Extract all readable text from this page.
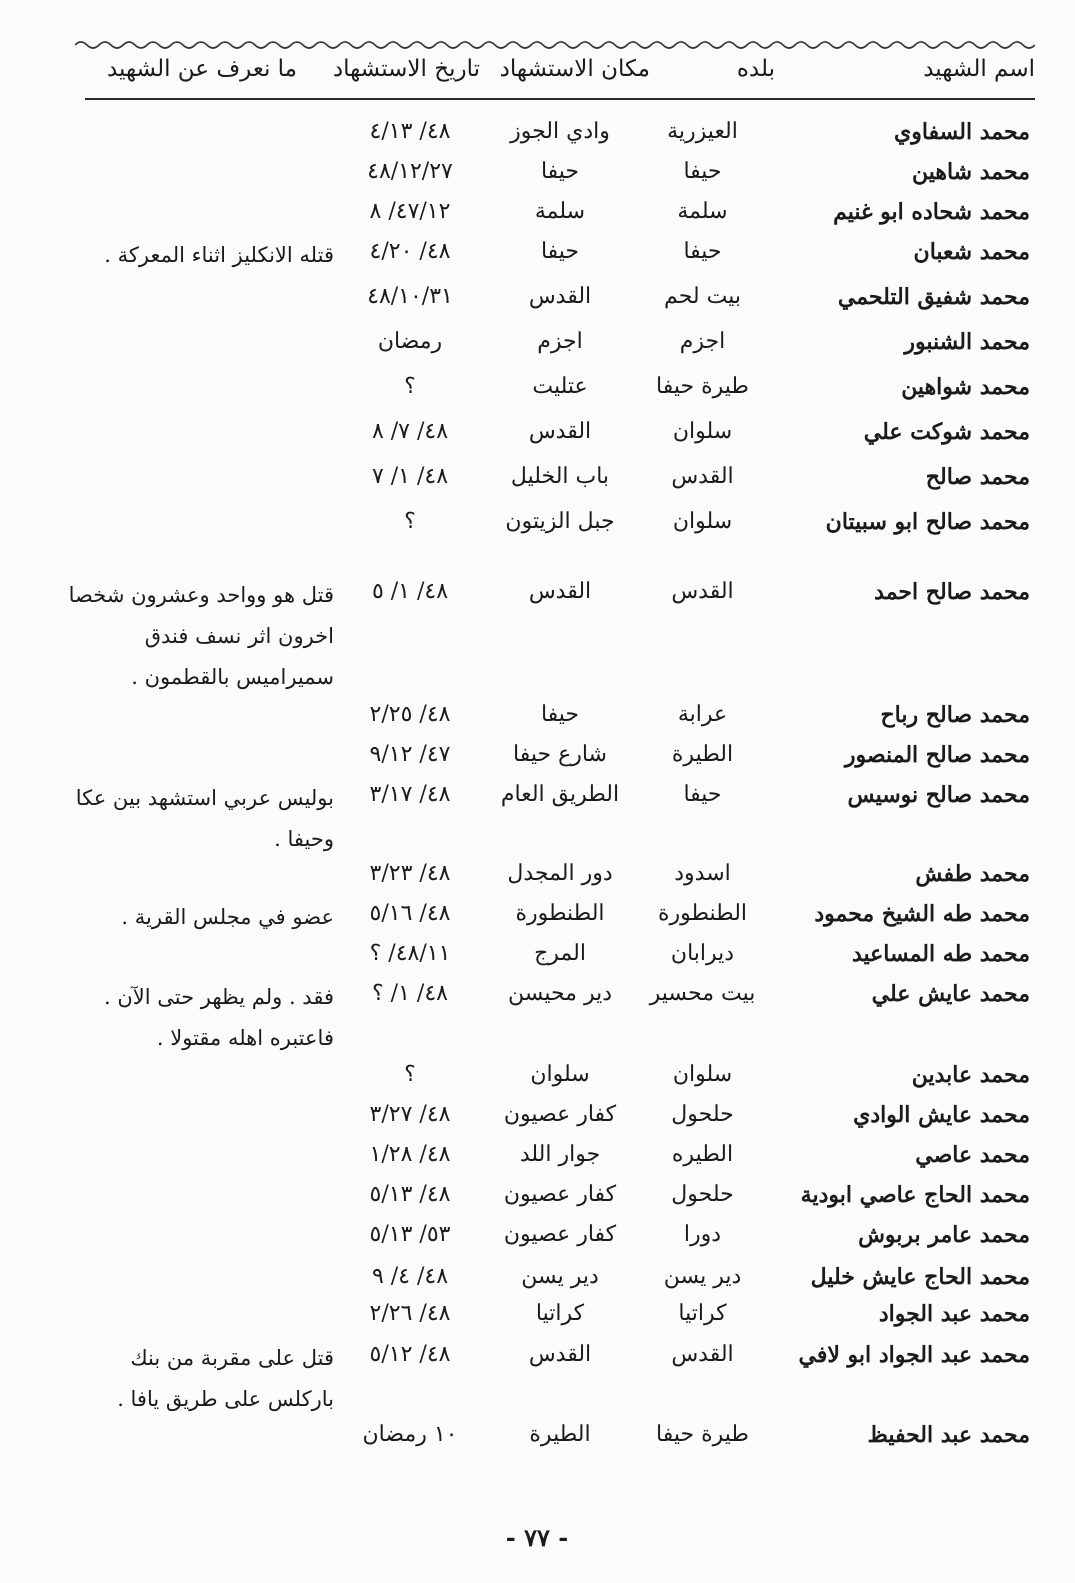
اسم الشهيد
بلده
مكان الاستشهاد
تاريخ الاستشهاد
ما نعرف عن الشهيد
محمد السفاوي
العيزرية
وادي الجوز
٤٨/ ٤/١٣
محمد شاهين
حيفا
حيفا
٤٨/١٢/٢٧
محمد شحاده ابو غنيم
سلمة
سلمة
٤٧/١٢/ ٨
محمد شعبان
حيفا
حيفا
٤٨/ ٤/٢٠
قتله الانكليز اثناء المعركة .
محمد شفيق التلحمي
بيت لحم
القدس
٤٨/١٠/٣١
محمد الشنبور
اجزم
اجزم
رمضان
محمد شواهين
طيرة حيفا
عتليت
؟
محمد شوكت علي
سلوان
القدس
٤٨/ ٧/ ٨
محمد صالح
القدس
باب الخليل
٤٨/ ١/ ٧
محمد صالح ابو سبيتان
سلوان
جبل الزيتون
؟
محمد صالح احمد
القدس
القدس
٤٨/ ١/ ٥
قتل هو وواحد وعشرون شخصا اخرون اثر نسف فندق سميراميس بالقطمون .
محمد صالح رباح
عرابة
حيفا
٤٨/ ٢/٢٥
محمد صالح المنصور
الطيرة
شارع حيفا
٤٧/ ٩/١٢
محمد صالح نوسيس
حيفا
الطريق العام
٤٨/ ٣/١٧
بوليس عربي استشهد بين عكا وحيفا .
محمد طفش
اسدود
دور المجدل
٤٨/ ٣/٢٣
محمد طه الشيخ محمود
الطنطورة
الطنطورة
٤٨/ ٥/١٦
عضو في مجلس القرية .
محمد طه المساعيد
ديرابان
المرج
٤٨/١١/ ؟
محمد عايش علي
بيت محسير
دير محيسن
٤٨/ ١/ ؟
فقد . ولم يظهر حتى الآن . فاعتبره اهله مقتولا .
محمد عابدين
سلوان
سلوان
؟
محمد عايش الوادي
حلحول
كفار عصيون
٤٨/ ٣/٢٧
محمد عاصي
الطيره
جوار اللد
٤٨/ ١/٢٨
محمد الحاج عاصي ابودية
حلحول
كفار عصيون
٤٨/ ٥/١٣
محمد عامر بربوش
دورا
كفار عصيون
٥٣/ ٥/١٣
محمد الحاج عايش خليل
دير يسن
دير يسن
٤٨/ ٤/ ٩
محمد عبد الجواد
كراتيا
كراتيا
٤٨/ ٢/٢٦
محمد عبد الجواد ابو لافي
القدس
القدس
٤٨/ ٥/١٢
قتل على مقربة من بنك باركلس على طريق يافا .
محمد عبد الحفيظ
طيرة حيفا
الطيرة
١٠ رمضان
- ٧٧ -
